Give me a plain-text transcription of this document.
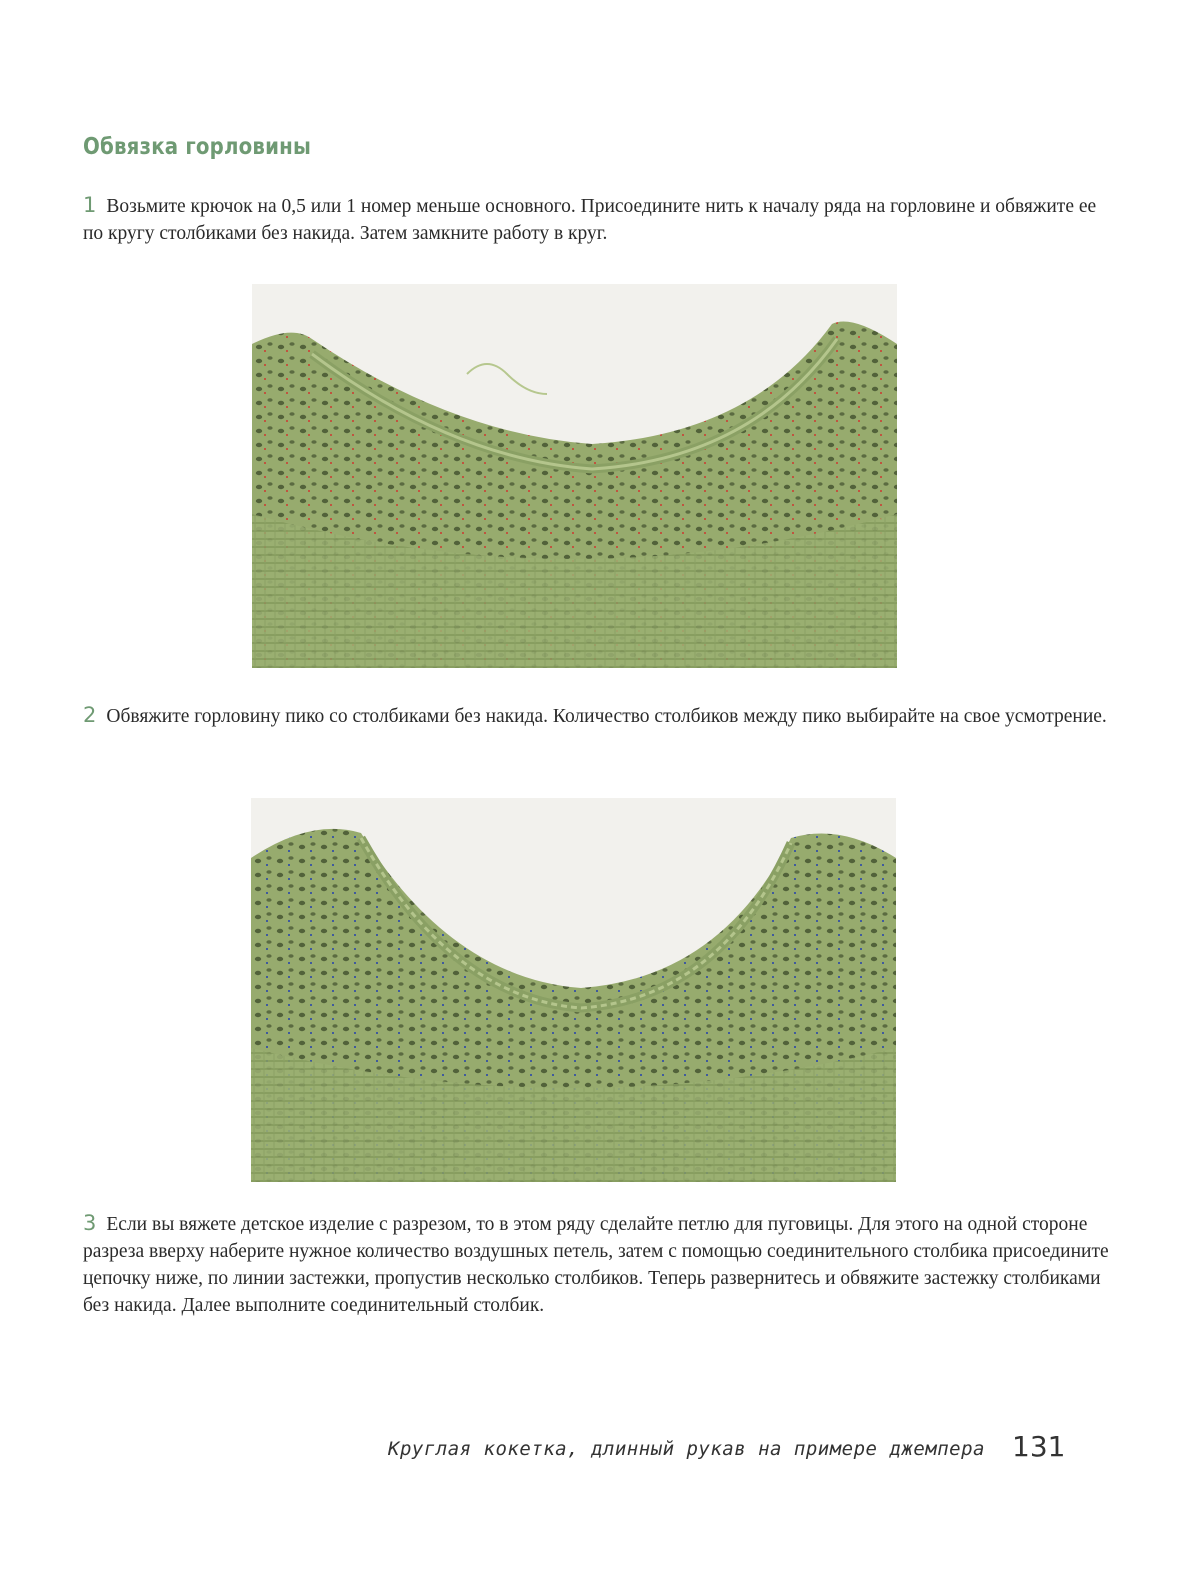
Обвязка горловины
1 Возьмите крючок на 0,5 или 1 номер меньше основного. Присоедините нить к началу ряда на горловине и обвяжите ее по кругу столбиками без накида. Затем замкните работу в круг.
2 Обвяжите горловину пико со столбиками без накида. Количество столбиков между пико выбирайте на свое усмотрение.
3 Если вы вяжете детское изделие с разрезом, то в этом ряду сделайте петлю для пуговицы. Для этого на одной стороне разреза вверху наберите нужное количество воздушных петель, затем с помощью соединительного столбика присоедините цепочку ниже, по линии застежки, пропустив несколько столбиков. Теперь развернитесь и обвяжите застежку столбиками без накида. Далее выполните соединительный столбик.
Круглая кокетка, длинный рукав на примере джемпера 131
